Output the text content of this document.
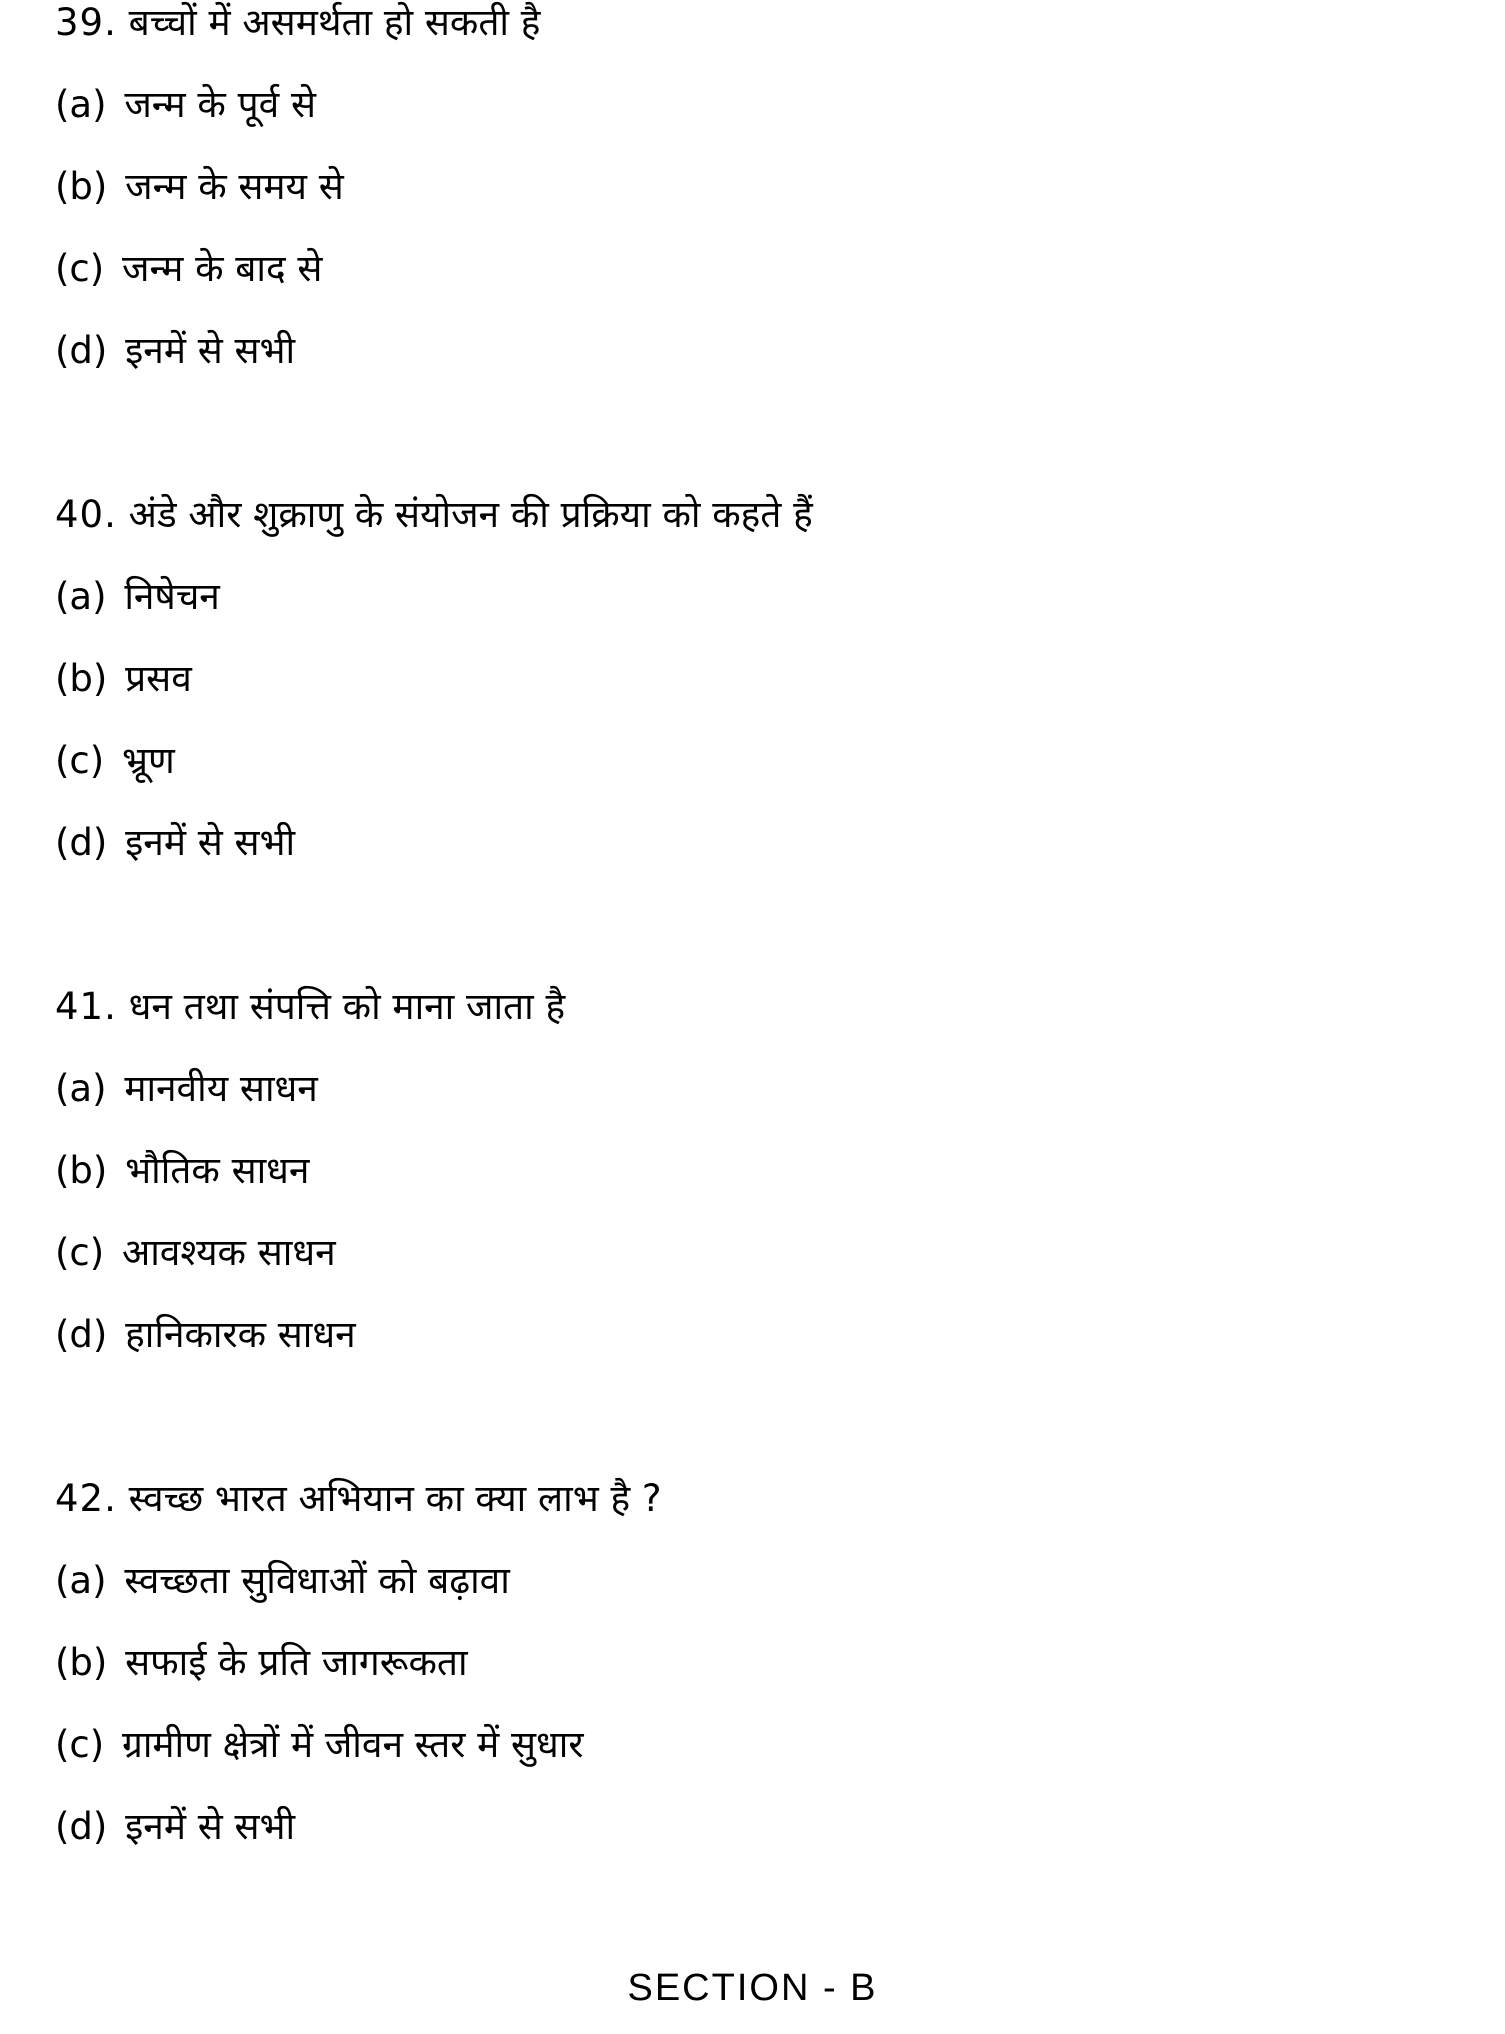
39. बच्चों में असमर्थता हो सकती है
(a) जन्म के पूर्व से
(b) जन्म के समय से
(c) जन्म के बाद से
(d) इनमें से सभी
40. अंडे और शुक्राणु के संयोजन की प्रक्रिया को कहते हैं
(a) निषेचन
(b) प्रसव
(c) भ्रूण
(d) इनमें से सभी
41. धन तथा संपत्ति को माना जाता है
(a) मानवीय साधन
(b) भौतिक साधन
(c) आवश्यक साधन
(d) हानिकारक साधन
42. स्वच्छ भारत अभियान का क्या लाभ है ?
(a) स्वच्छता सुविधाओं को बढ़ावा
(b) सफाई के प्रति जागरूकता
(c) ग्रामीण क्षेत्रों में जीवन स्तर में सुधार
(d) इनमें से सभी
SECTION - B
